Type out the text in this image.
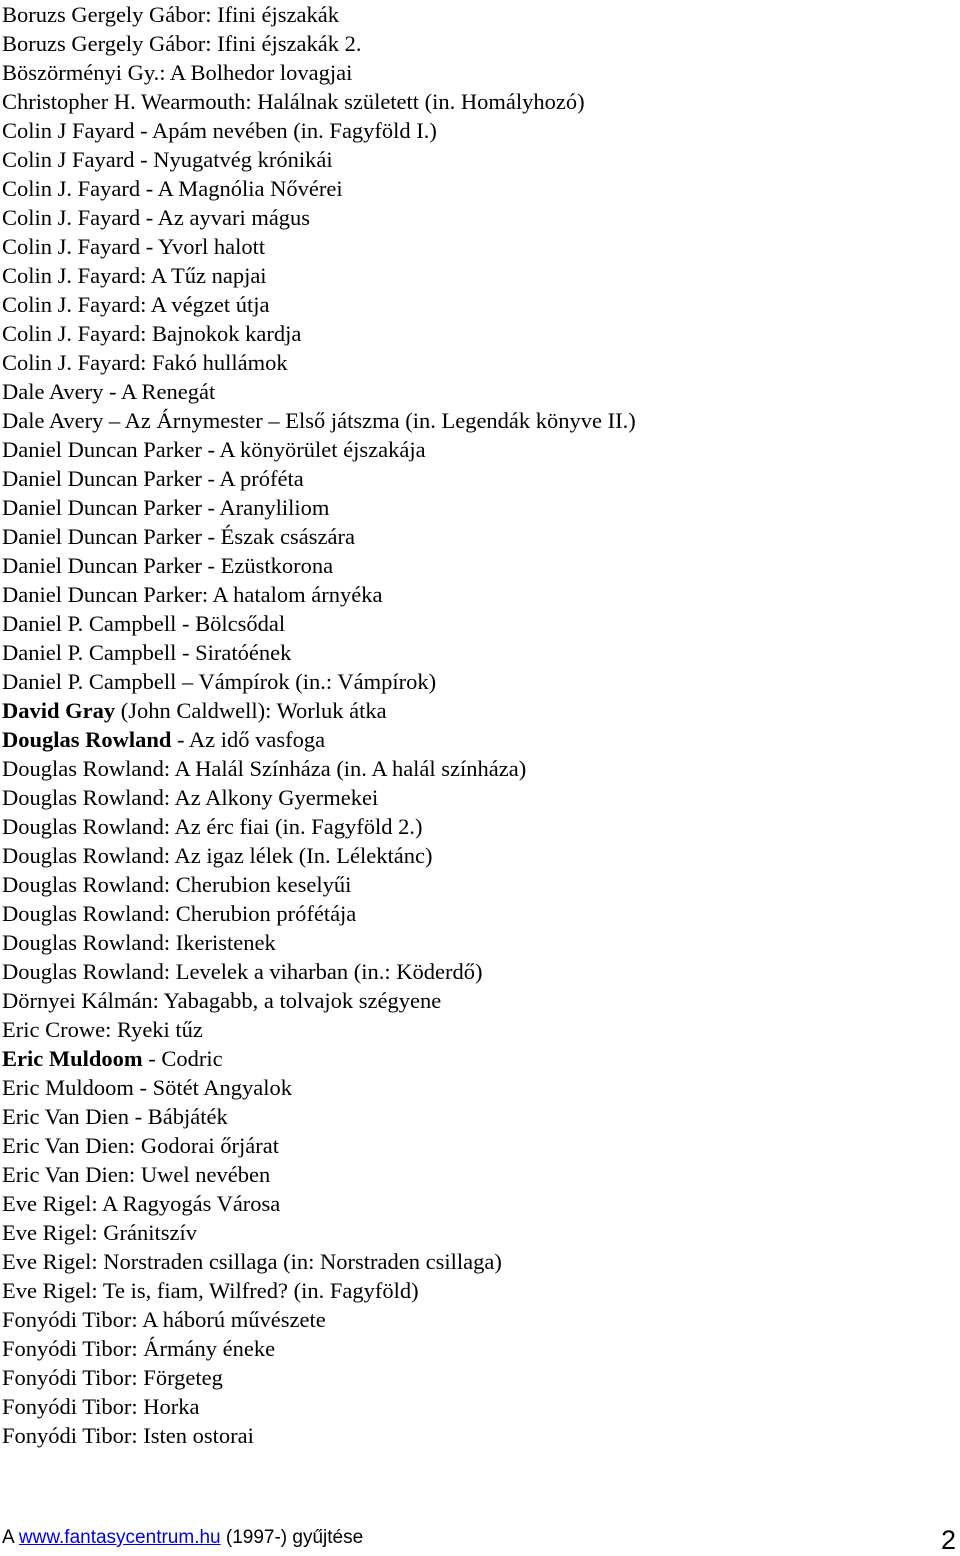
Boruzs Gergely Gábor: Ifini éjszakák
Boruzs Gergely Gábor: Ifini éjszakák 2.
Böszörményi Gy.: A Bolhedor lovagjai
Christopher H. Wearmouth: Halálnak született (in. Homályhozó)
Colin J Fayard - Apám nevében (in. Fagyföld I.)
Colin J Fayard - Nyugatvég krónikái
Colin J. Fayard - A Magnólia Nővérei
Colin J. Fayard - Az ayvari mágus
Colin J. Fayard - Yvorl halott
Colin J. Fayard: A Tűz napjai
Colin J. Fayard: A végzet útja
Colin J. Fayard: Bajnokok kardja
Colin J. Fayard: Fakó hullámok
Dale Avery - A Renegát
Dale Avery – Az Árnymester – Első játszma (in. Legendák könyve II.)
Daniel Duncan Parker - A könyörület éjszakája
Daniel Duncan Parker - A próféta
Daniel Duncan Parker - Aranyliliom
Daniel Duncan Parker - Észak császára
Daniel Duncan Parker - Ezüstkorona
Daniel Duncan Parker: A hatalom árnyéka
Daniel P. Campbell - Bölcsődal
Daniel P. Campbell - Siratóének
Daniel P. Campbell – Vámpírok (in.: Vámpírok)
David Gray (John Caldwell): Worluk átka
Douglas Rowland - Az idő vasfoga
Douglas Rowland: A Halál Színháza (in. A halál színháza)
Douglas Rowland: Az Alkony Gyermekei
Douglas Rowland: Az érc fiai (in. Fagyföld 2.)
Douglas Rowland: Az igaz lélek (In. Lélektánc)
Douglas Rowland: Cherubion keselyűi
Douglas Rowland: Cherubion prófétája
Douglas Rowland: Ikeristenek
Douglas Rowland: Levelek a viharban (in.: Köderdő)
Dörnyei Kálmán: Yabagabb, a tolvajok szégyene
Eric Crowe: Ryeki tűz
Eric Muldoom - Codric
Eric Muldoom - Sötét Angyalok
Eric Van Dien - Bábjáték
Eric Van Dien: Godorai őrjárat
Eric Van Dien: Uwel nevében
Eve Rigel: A Ragyogás Városa
Eve Rigel: Gránitszív
Eve Rigel: Norstraden csillaga (in: Norstraden csillaga)
Eve Rigel: Te is, fiam, Wilfred? (in. Fagyföld)
Fonyódi Tibor: A háború művészete
Fonyódi Tibor: Ármány éneke
Fonyódi Tibor: Förgeteg
Fonyódi Tibor: Horka
Fonyódi Tibor: Isten ostorai
A www.fantasycentrum.hu (1997-) gyűjtése	2
